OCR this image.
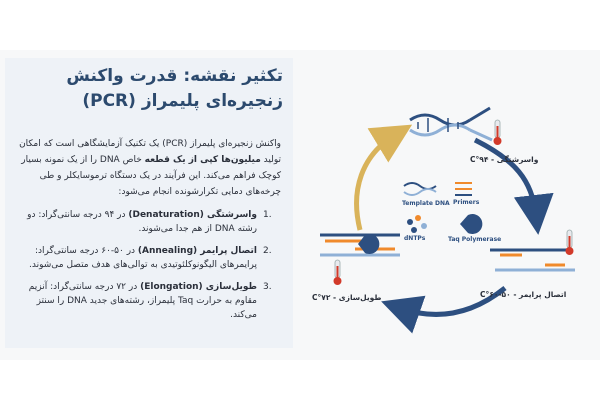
تکثیر نقشه: قدرت واکنش زنجیره‌ای پلیمراز (PCR)

واکنش زنجیره‌ای پلیمراز (PCR) یک تکنیک آزمایشگاهی است که امکان تولید میلیون‌ها کپی از یک قطعه خاص DNA را از یک نمونه بسیار کوچک فراهم می‌کند. این فرآیند در یک دستگاه ترموسایکلر و طی چرخه‌های دمایی تکرارشونده انجام می‌شود:

1.
واسرشتگی (Denaturation) در ۹۴ درجه سانتی‌گراد: دو رشته DNA از هم جدا می‌شوند.
2.
اتصال پرایمر (Annealing) در ۵۰-۶۰ درجه سانتی‌گراد: پرایمرهای الیگونوکلئوتیدی به توالی‌های هدف متصل می‌شوند.
3.
طویل‌سازی (Elongation) در ۷۲ درجه سانتی‌گراد: آنزیم مقاوم به حرارت Taq پلیمراز، رشته‌های جدید DNA را سنتز می‌کند.
واسرشتگی - ۹۴°C
اتصال پرایمر - ۵۰-۶۰°C
طویل‌سازی - ۷۲°C
Template DNA Primers
dNTPs	Taq Polymerase
